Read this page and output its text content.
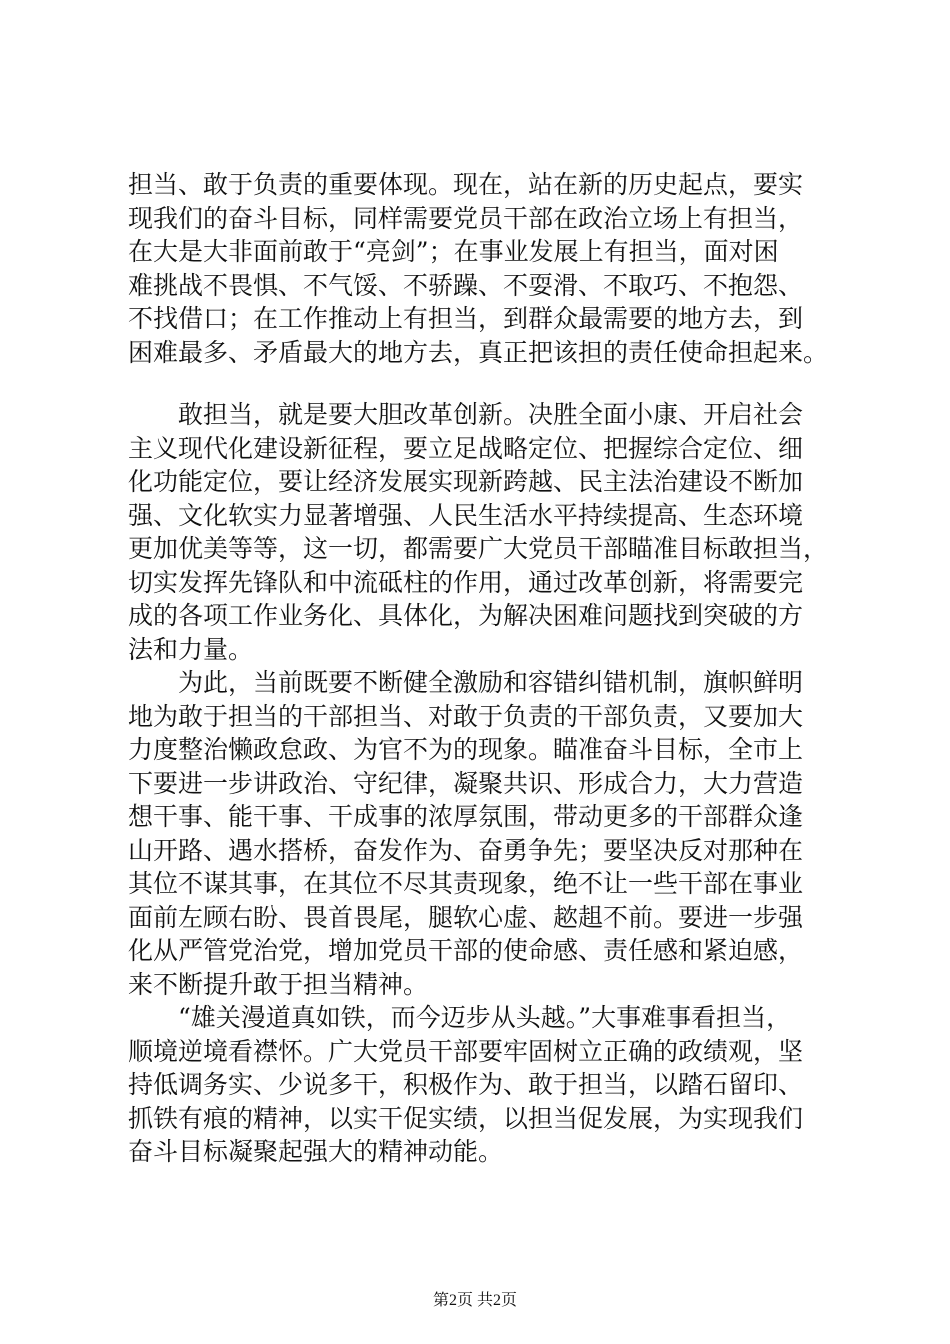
担当、敢于负责的重要体现。现在，站在新的历史起点，要实
现我们的奋斗目标，同样需要党员干部在政治立场上有担当，
在大是大非面前敢于“亮剑”；在事业发展上有担当，面对困
难挑战不畏惧、不气馁、不骄躁、不耍滑、不取巧、不抱怨、
不找借口；在工作推动上有担当，到群众最需要的地方去，到
困难最多、矛盾最大的地方去，真正把该担的责任使命担起来。
　　敢担当，就是要大胆改革创新。决胜全面小康、开启社会
主义现代化建设新征程，要立足战略定位、把握综合定位、细
化功能定位，要让经济发展实现新跨越、民主法治建设不断加
强、文化软实力显著增强、人民生活水平持续提高、生态环境
更加优美等等，这一切，都需要广大党员干部瞄准目标敢担当，
切实发挥先锋队和中流砥柱的作用，通过改革创新，将需要完
成的各项工作业务化、具体化，为解决困难问题找到突破的方
法和力量。
　　为此，当前既要不断健全激励和容错纠错机制，旗帜鲜明
地为敢于担当的干部担当、对敢于负责的干部负责，又要加大
力度整治懒政怠政、为官不为的现象。瞄准奋斗目标，全市上
下要进一步讲政治、守纪律，凝聚共识、形成合力，大力营造
想干事、能干事、干成事的浓厚氛围，带动更多的干部群众逢
山开路、遇水搭桥，奋发作为、奋勇争先；要坚决反对那种在
其位不谋其事，在其位不尽其责现象，绝不让一些干部在事业
面前左顾右盼、畏首畏尾，腿软心虚、趑趄不前。要进一步强
化从严管党治党，增加党员干部的使命感、责任感和紧迫感，
来不断提升敢于担当精神。
　　“雄关漫道真如铁，而今迈步从头越。”大事难事看担当，
顺境逆境看襟怀。广大党员干部要牢固树立正确的政绩观，坚
持低调务实、少说多干，积极作为、敢于担当，以踏石留印、
抓铁有痕的精神，以实干促实绩，以担当促发展，为实现我们
奋斗目标凝聚起强大的精神动能。
第2页 共2页
